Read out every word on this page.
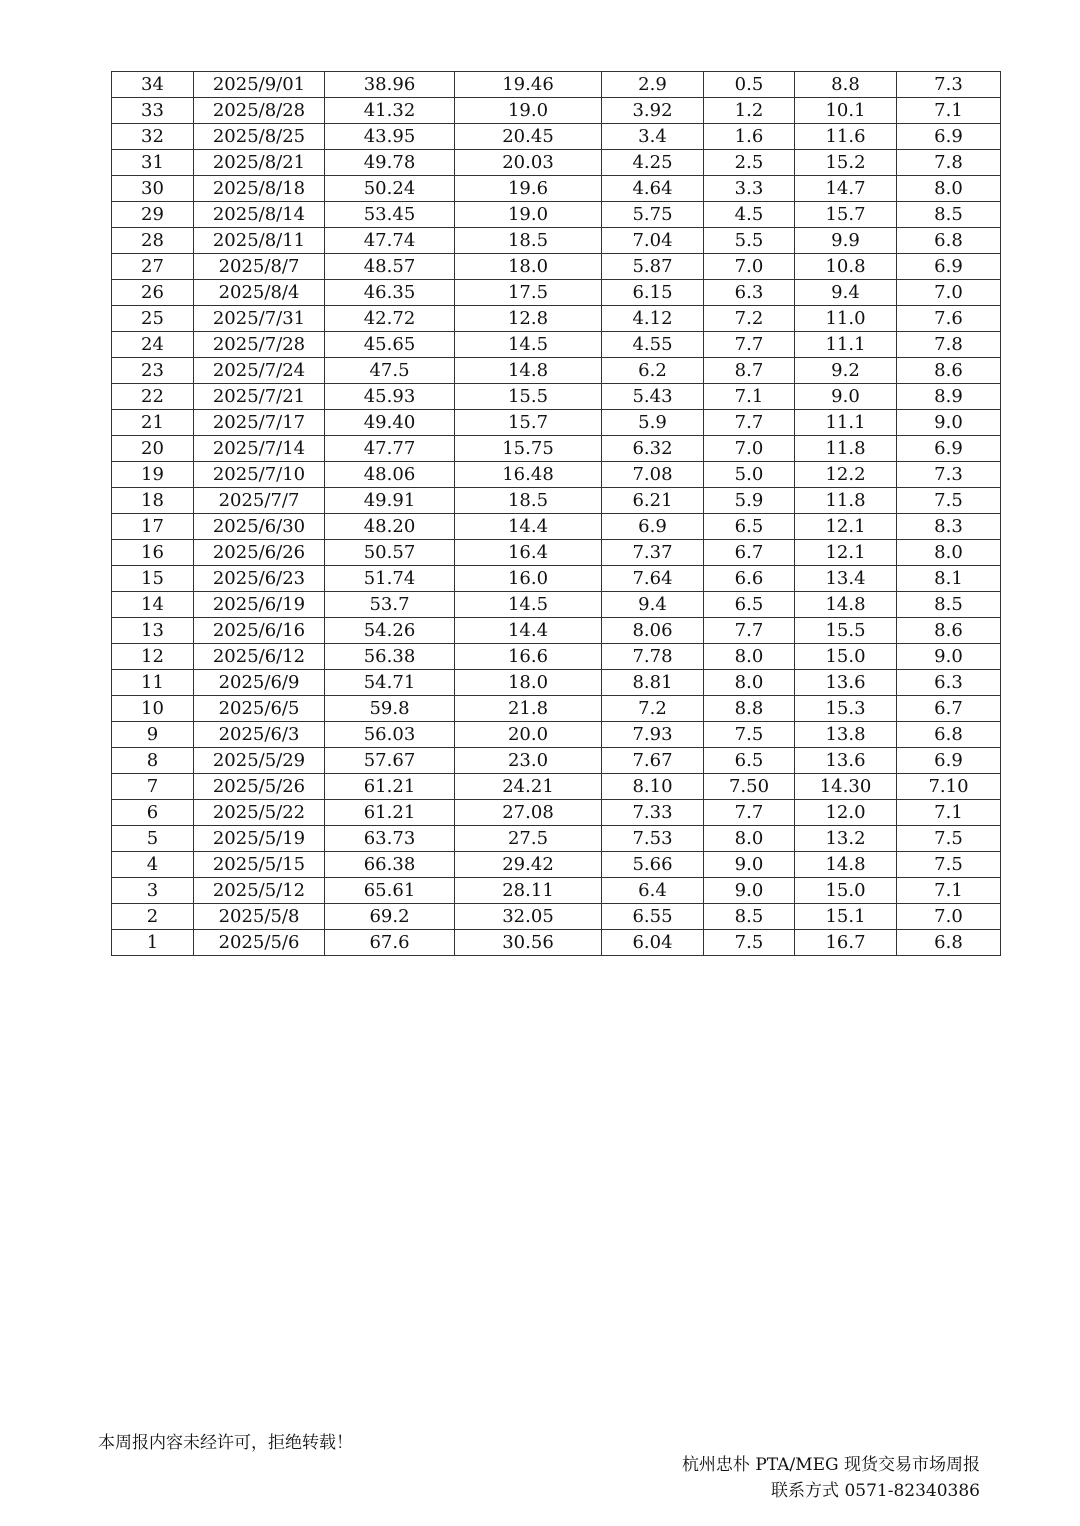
34	2025/9/01	38.96	19.46	2.9	0.5	8.8	7.3
33	2025/8/28	41.32	19.0	3.92	1.2	10.1	7.1
32	2025/8/25	43.95	20.45	3.4	1.6	11.6	6.9
31	2025/8/21	49.78	20.03	4.25	2.5	15.2	7.8
30	2025/8/18	50.24	19.6	4.64	3.3	14.7	8.0
29	2025/8/14	53.45	19.0	5.75	4.5	15.7	8.5
28	2025/8/11	47.74	18.5	7.04	5.5	9.9	6.8
27	2025/8/7	48.57	18.0	5.87	7.0	10.8	6.9
26	2025/8/4	46.35	17.5	6.15	6.3	9.4	7.0
25	2025/7/31	42.72	12.8	4.12	7.2	11.0	7.6
24	2025/7/28	45.65	14.5	4.55	7.7	11.1	7.8
23	2025/7/24	47.5	14.8	6.2	8.7	9.2	8.6
22	2025/7/21	45.93	15.5	5.43	7.1	9.0	8.9
21	2025/7/17	49.40	15.7	5.9	7.7	11.1	9.0
20	2025/7/14	47.77	15.75	6.32	7.0	11.8	6.9
19	2025/7/10	48.06	16.48	7.08	5.0	12.2	7.3
18	2025/7/7	49.91	18.5	6.21	5.9	11.8	7.5
17	2025/6/30	48.20	14.4	6.9	6.5	12.1	8.3
16	2025/6/26	50.57	16.4	7.37	6.7	12.1	8.0
15	2025/6/23	51.74	16.0	7.64	6.6	13.4	8.1
14	2025/6/19	53.7	14.5	9.4	6.5	14.8	8.5
13	2025/6/16	54.26	14.4	8.06	7.7	15.5	8.6
12	2025/6/12	56.38	16.6	7.78	8.0	15.0	9.0
11	2025/6/9	54.71	18.0	8.81	8.0	13.6	6.3
10	2025/6/5	59.8	21.8	7.2	8.8	15.3	6.7
9	2025/6/3	56.03	20.0	7.93	7.5	13.8	6.8
8	2025/5/29	57.67	23.0	7.67	6.5	13.6	6.9
7	2025/5/26	61.21	24.21	8.10	7.50	14.30	7.10
6	2025/5/22	61.21	27.08	7.33	7.7	12.0	7.1
5	2025/5/19	63.73	27.5	7.53	8.0	13.2	7.5
4	2025/5/15	66.38	29.42	5.66	9.0	14.8	7.5
3	2025/5/12	65.61	28.11	6.4	9.0	15.0	7.1
2	2025/5/8	69.2	32.05	6.55	8.5	15.1	7.0
1	2025/5/6	67.6	30.56	6.04	7.5	16.7	6.8
本周报内容未经许可，拒绝转载！
杭州忠朴 PTA/MEG 现货交易市场周报
联系方式 0571-82340386
